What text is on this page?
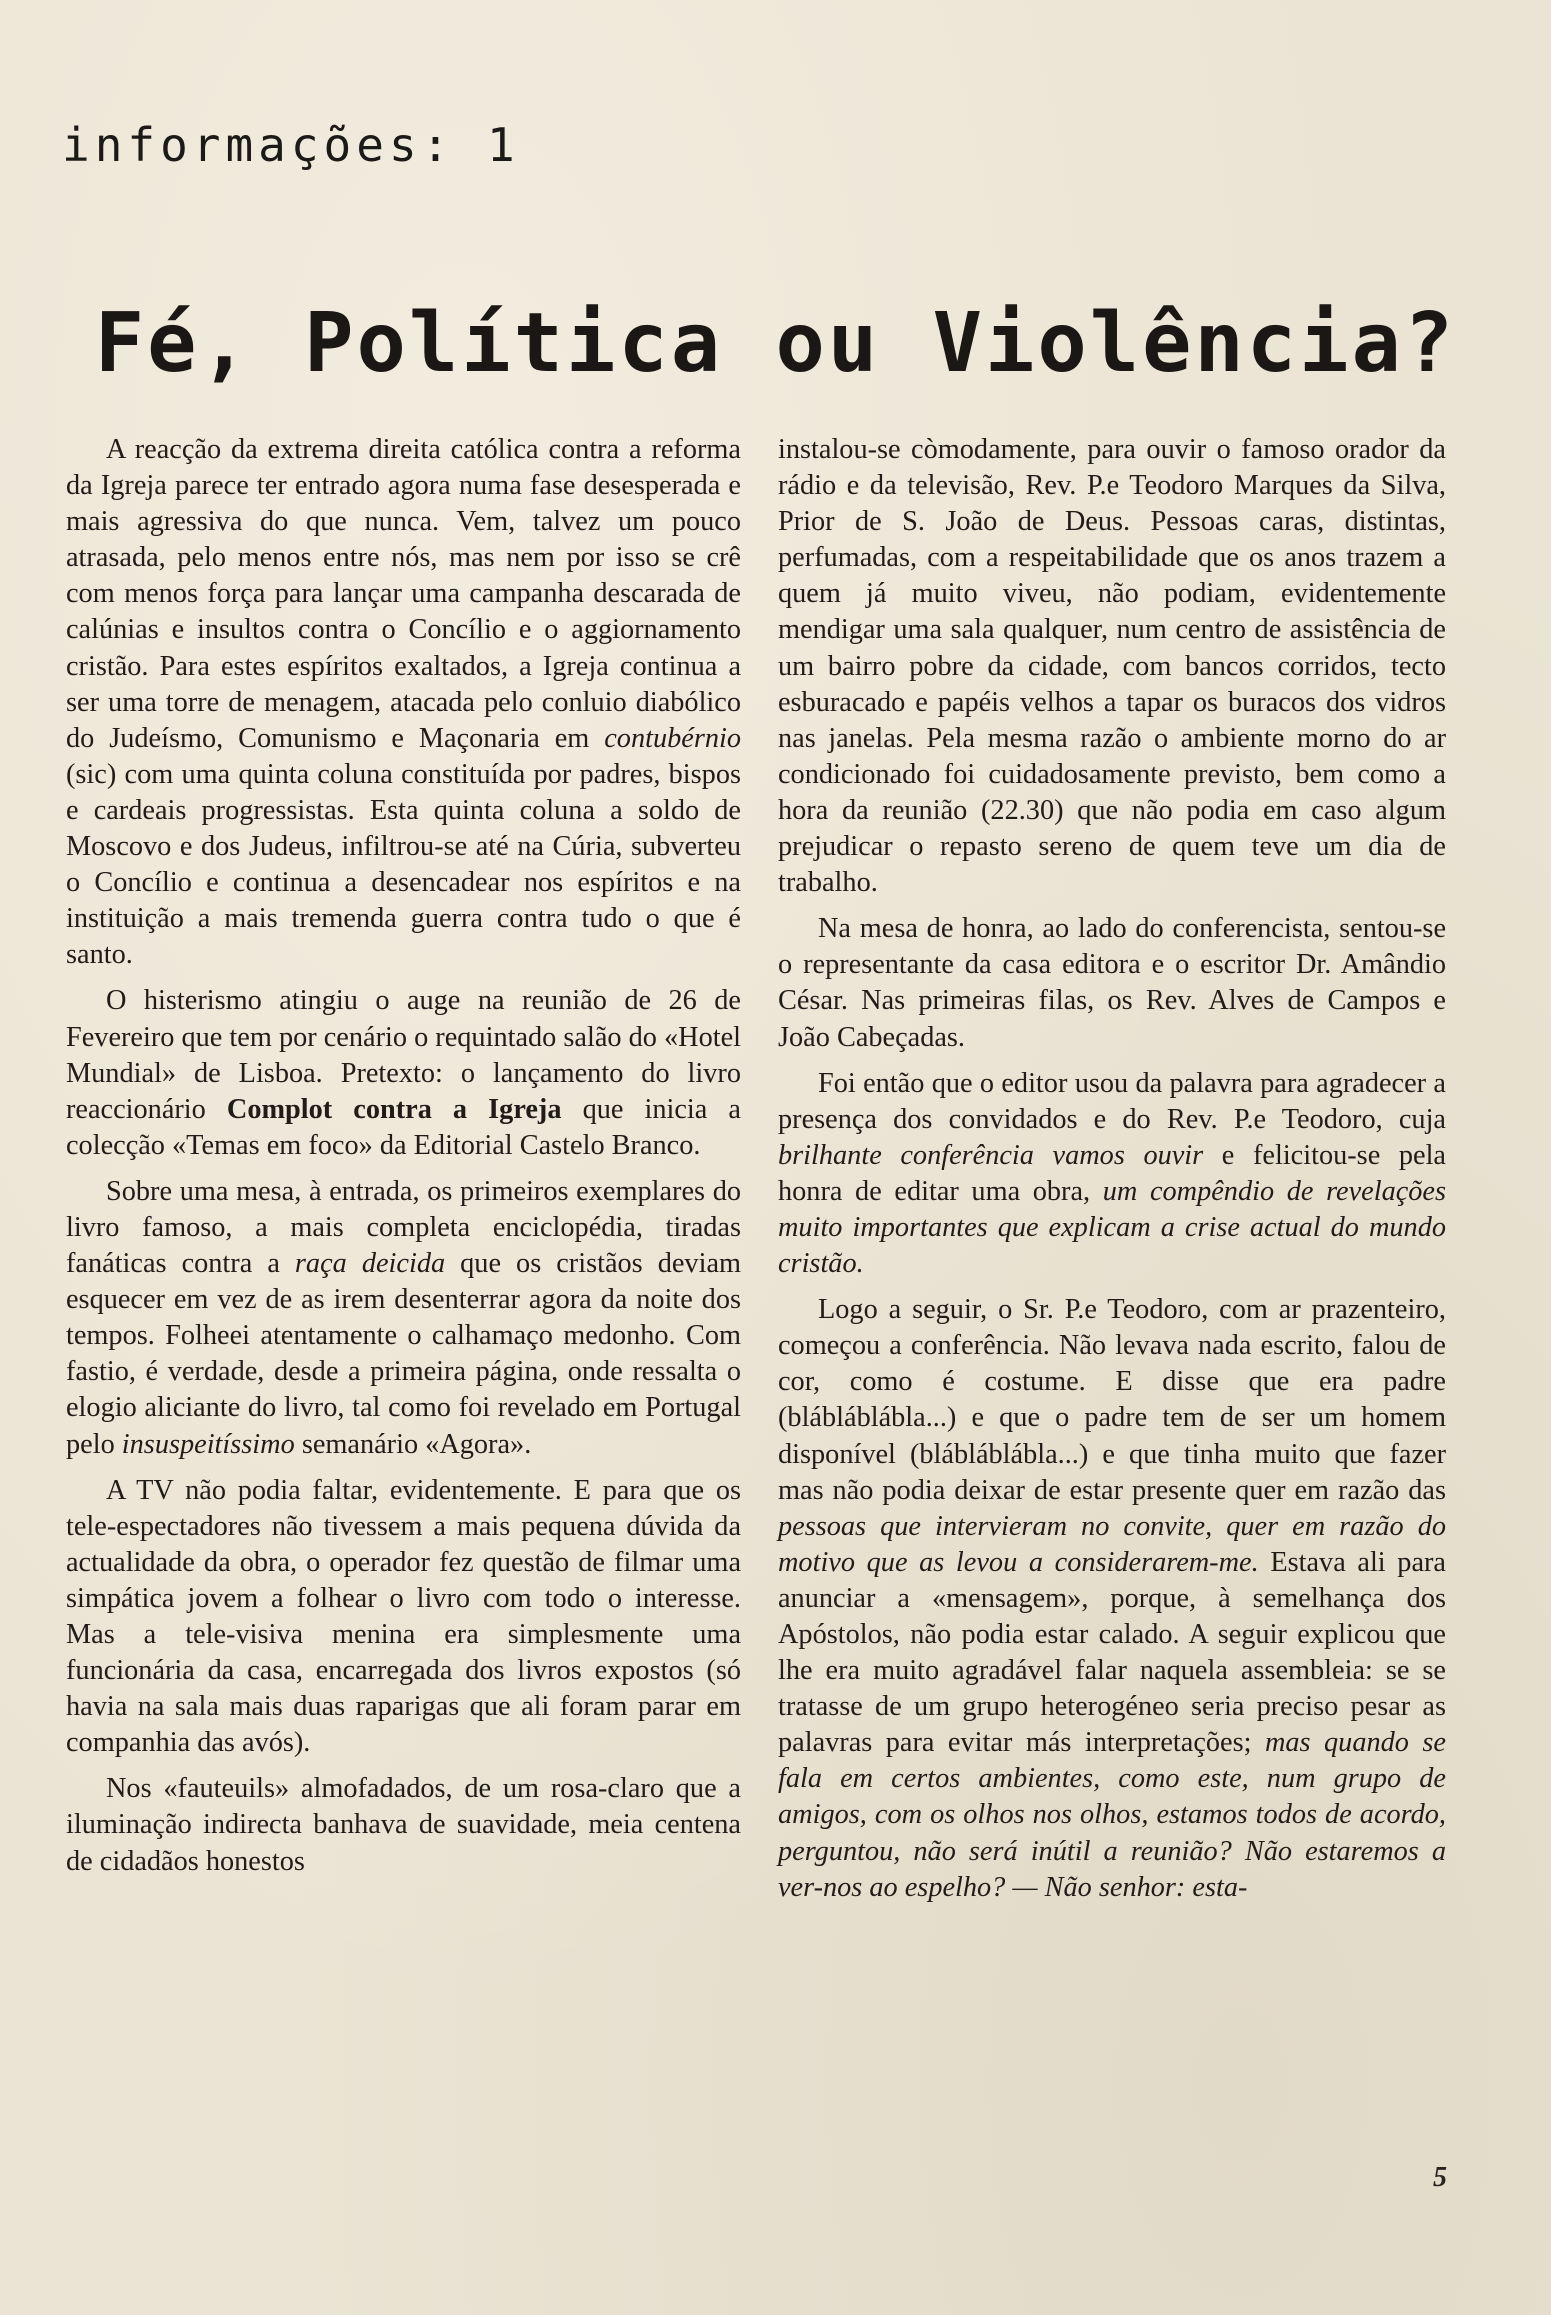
informações: 1
Fé, Política ou Violência?

A reacção da extrema direita católica contra a reforma da Igreja parece ter entrado agora numa fase desesperada e mais agressiva do que nunca. Vem, talvez um pouco atrasada, pelo menos entre nós, mas nem por isso se crê com menos força para lançar uma campanha descarada de calúnias e insultos contra o Concílio e o aggiornamento cristão. Para estes espíritos exaltados, a Igreja continua a ser uma torre de menagem, atacada pelo conluio diabólico do Judeísmo, Comunismo e Maçonaria em contubérnio (sic) com uma quinta coluna constituída por padres, bispos e cardeais progressistas. Esta quinta coluna a soldo de Moscovo e dos Judeus, infiltrou-se até na Cúria, subverteu o Concílio e continua a desencadear nos espíritos e na instituição a mais tremenda guerra contra tudo o que é santo.

O histerismo atingiu o auge na reunião de 26 de Fevereiro que tem por cenário o requintado salão do «Hotel Mundial» de Lisboa. Pretexto: o lançamento do livro reaccionário Complot contra a Igreja que inicia a colecção «Temas em foco» da Editorial Castelo Branco.

Sobre uma mesa, à entrada, os primeiros exemplares do livro famoso, a mais completa enciclopédia, tiradas fanáticas contra a raça deicida que os cristãos deviam esquecer em vez de as irem desenterrar agora da noite dos tempos. Folheei atentamente o calhamaço medonho. Com fastio, é verdade, desde a primeira página, onde ressalta o elogio aliciante do livro, tal como foi revelado em Portugal pelo insuspeitíssimo semanário «Agora».

A TV não podia faltar, evidentemente. E para que os tele-espectadores não tivessem a mais pequena dúvida da actualidade da obra, o operador fez questão de filmar uma simpática jovem a folhear o livro com todo o interesse. Mas a tele-visiva menina era simplesmente uma funcionária da casa, encarregada dos livros expostos (só havia na sala mais duas raparigas que ali foram parar em companhia das avós).

Nos «fauteuils» almofadados, de um rosa-claro que a iluminação indirecta banhava de suavidade, meia centena de cidadãos honestos

instalou-se còmodamente, para ouvir o famoso orador da rádio e da televisão, Rev. P.e Teodoro Marques da Silva, Prior de S. João de Deus. Pessoas caras, distintas, perfumadas, com a respeitabilidade que os anos trazem a quem já muito viveu, não podiam, evidentemente mendigar uma sala qualquer, num centro de assistência de um bairro pobre da cidade, com bancos corridos, tecto esburacado e papéis velhos a tapar os buracos dos vidros nas janelas. Pela mesma razão o ambiente morno do ar condicionado foi cuidadosamente previsto, bem como a hora da reunião (22.30) que não podia em caso algum prejudicar o repasto sereno de quem teve um dia de trabalho.

Na mesa de honra, ao lado do conferencista, sentou-se o representante da casa editora e o escritor Dr. Amândio César. Nas primeiras filas, os Rev. Alves de Campos e João Cabeçadas.

Foi então que o editor usou da palavra para agradecer a presença dos convidados e do Rev. P.e Teodoro, cuja brilhante conferência vamos ouvir e felicitou-se pela honra de editar uma obra, um compêndio de revelações muito importantes que explicam a crise actual do mundo cristão.

Logo a seguir, o Sr. P.e Teodoro, com ar prazenteiro, começou a conferência. Não levava nada escrito, falou de cor, como é costume. E disse que era padre (blábláblábla...) e que o padre tem de ser um homem disponível (blábláblábla...) e que tinha muito que fazer mas não podia deixar de estar presente quer em razão das pessoas que intervieram no convite, quer em razão do motivo que as levou a considerarem-me. Estava ali para anunciar a «mensagem», porque, à semelhança dos Apóstolos, não podia estar calado. A seguir explicou que lhe era muito agradável falar naquela assembleia: se se tratasse de um grupo heterogéneo seria preciso pesar as palavras para evitar más interpretações; mas quando se fala em certos ambientes, como este, num grupo de amigos, com os olhos nos olhos, estamos todos de acordo, perguntou, não será inútil a reunião? Não estaremos a ver-nos ao espelho? — Não senhor: esta-

5
